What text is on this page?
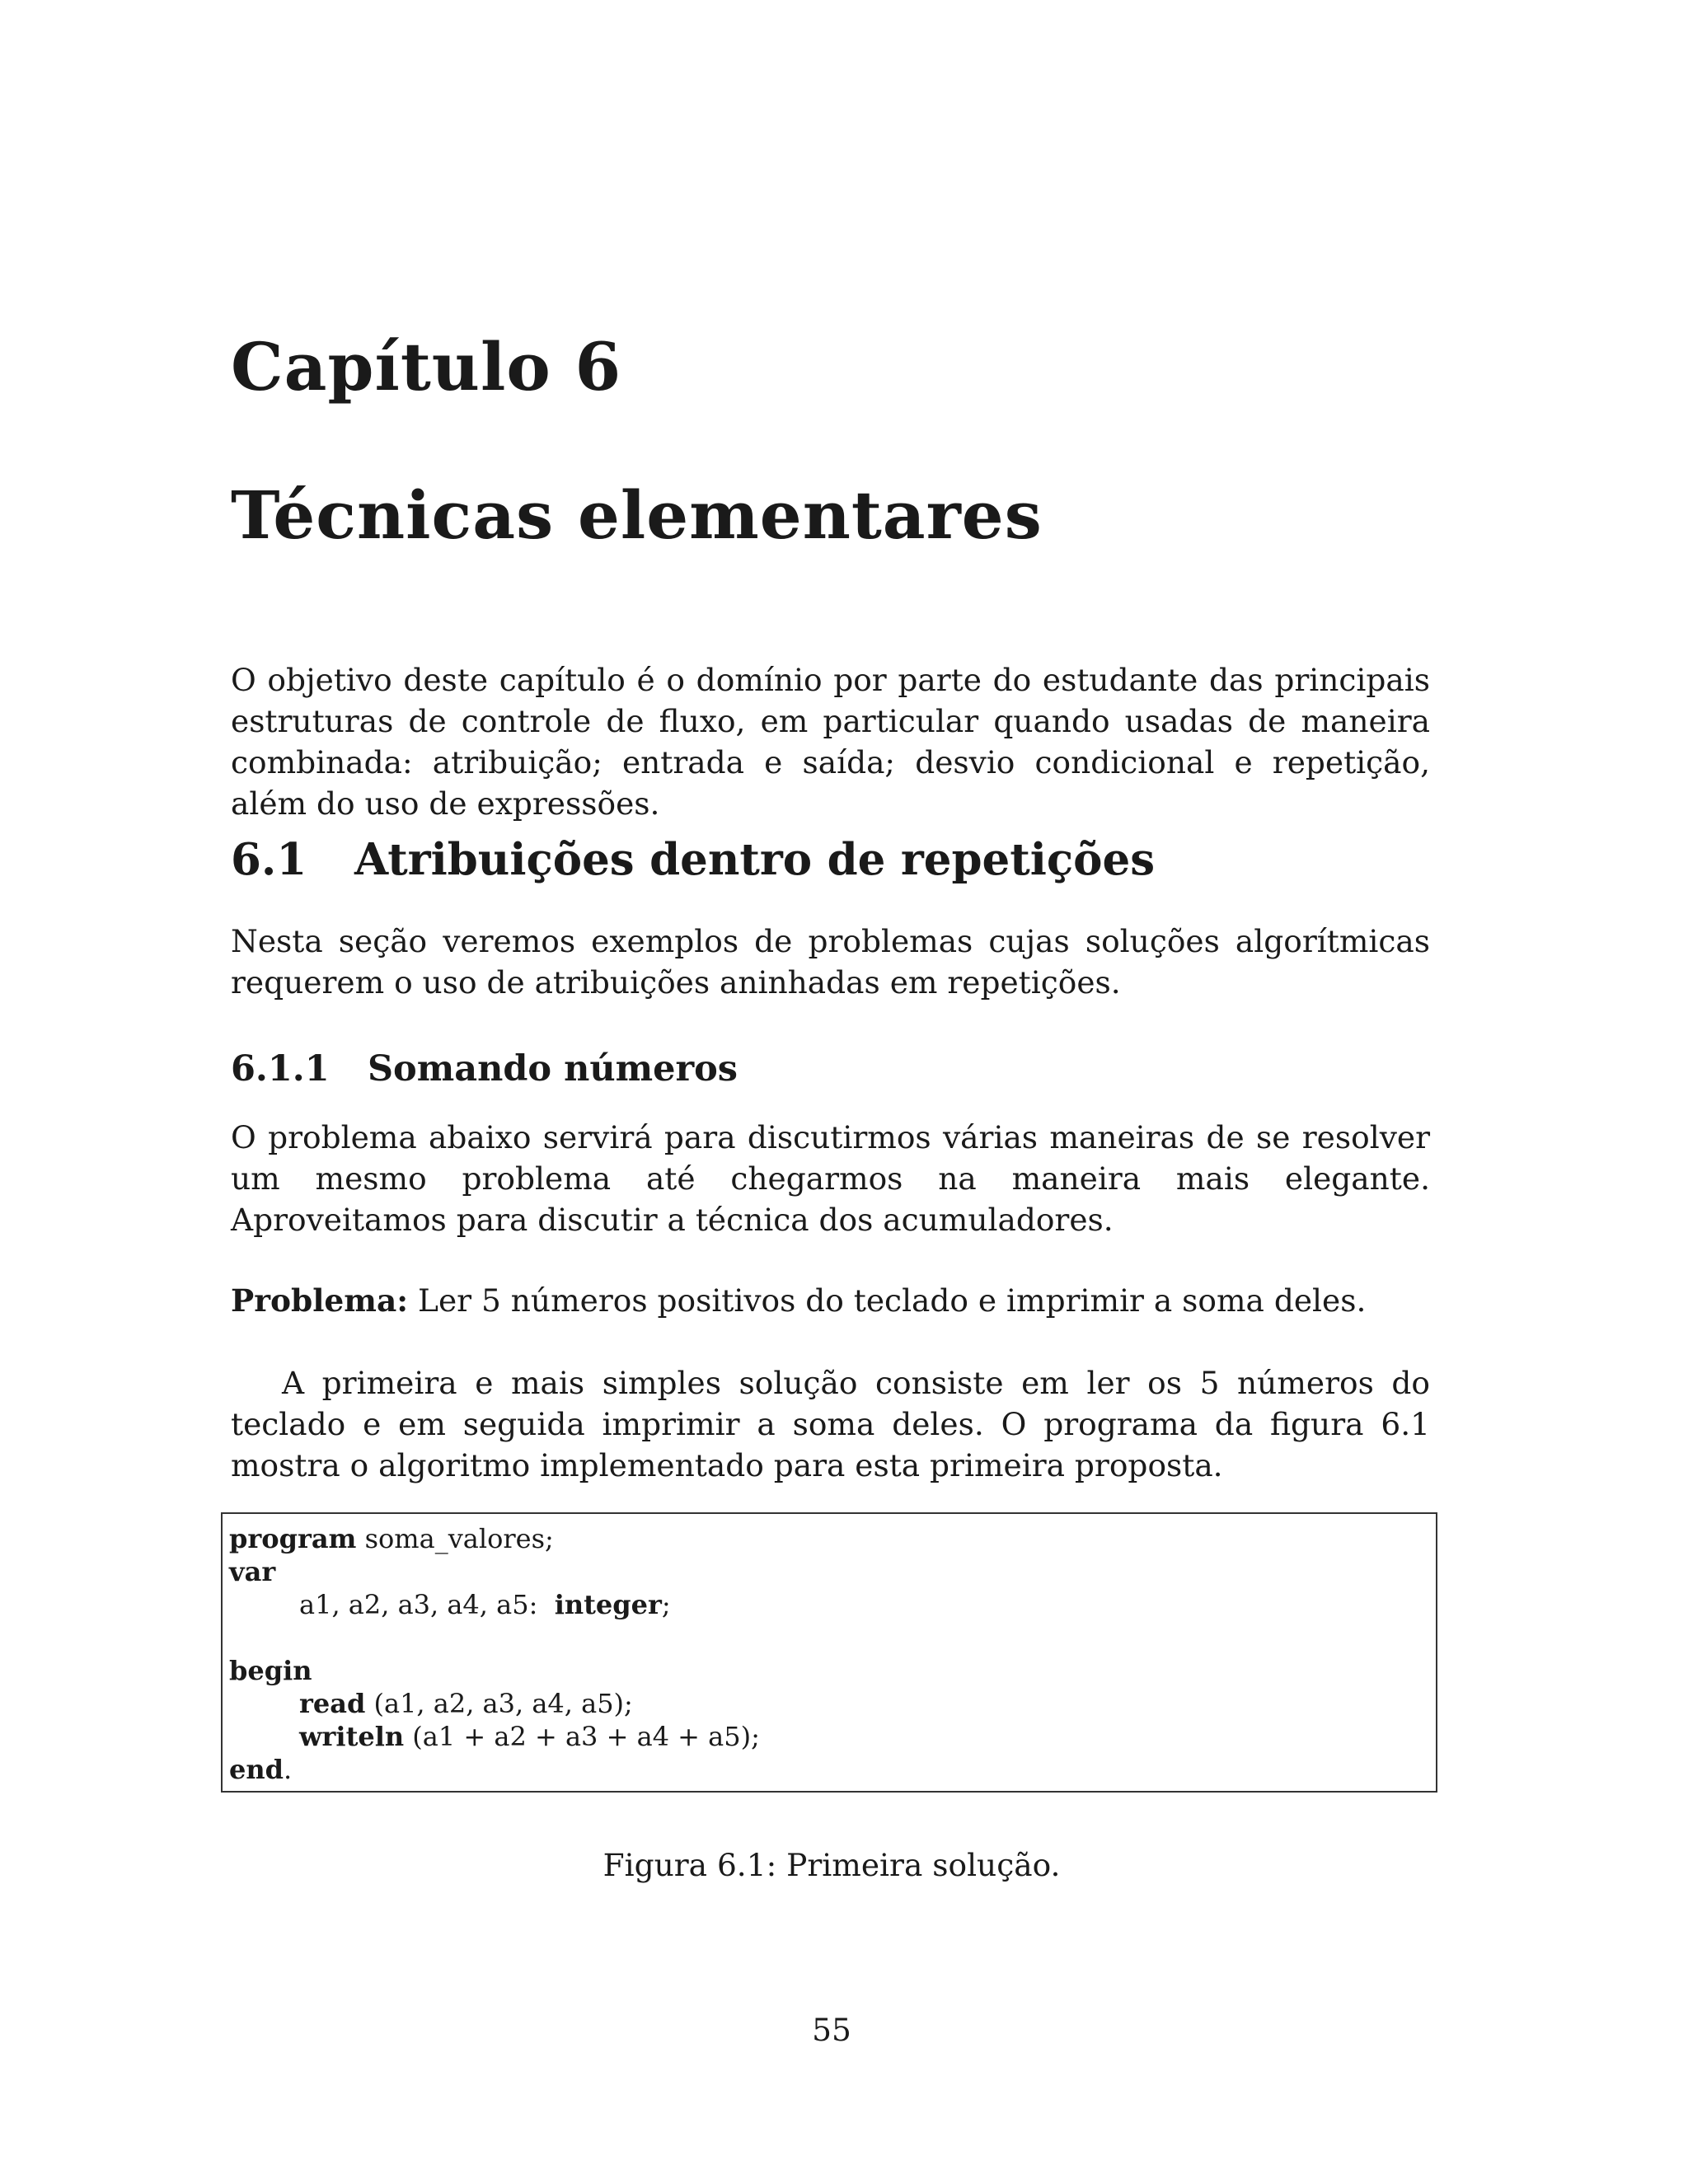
Capítulo 6
Técnicas elementares

O objetivo deste capítulo é o domínio por parte do estudante das principais estruturas de controle de fluxo, em particular quando usadas de maneira combinada: atribuição; entrada e saída; desvio condicional e repetição, além do uso de expressões.

6.1 Atribuições dentro de repetições

Nesta seção veremos exemplos de problemas cujas soluções algorítmicas requerem o uso de atribuições aninhadas em repetições.

6.1.1 Somando números

O problema abaixo servirá para discutirmos várias maneiras de se resolver um mesmo problema até chegarmos na maneira mais elegante. Aproveitamos para discutir a técnica dos acumuladores.

Problema: Ler 5 números positivos do teclado e imprimir a soma deles.

A primeira e mais simples solução consiste em ler os 5 números do teclado e em seguida imprimir a soma deles. O programa da figura 6.1 mostra o algoritmo implementado para esta primeira proposta.

program soma_valores;
var
a1, a2, a3, a4, a5:  integer;
begin
read (a1, a2, a3, a4, a5);
writeln (a1 + a2 + a3 + a4 + a5);
end.

Figura 6.1: Primeira solução.

55
